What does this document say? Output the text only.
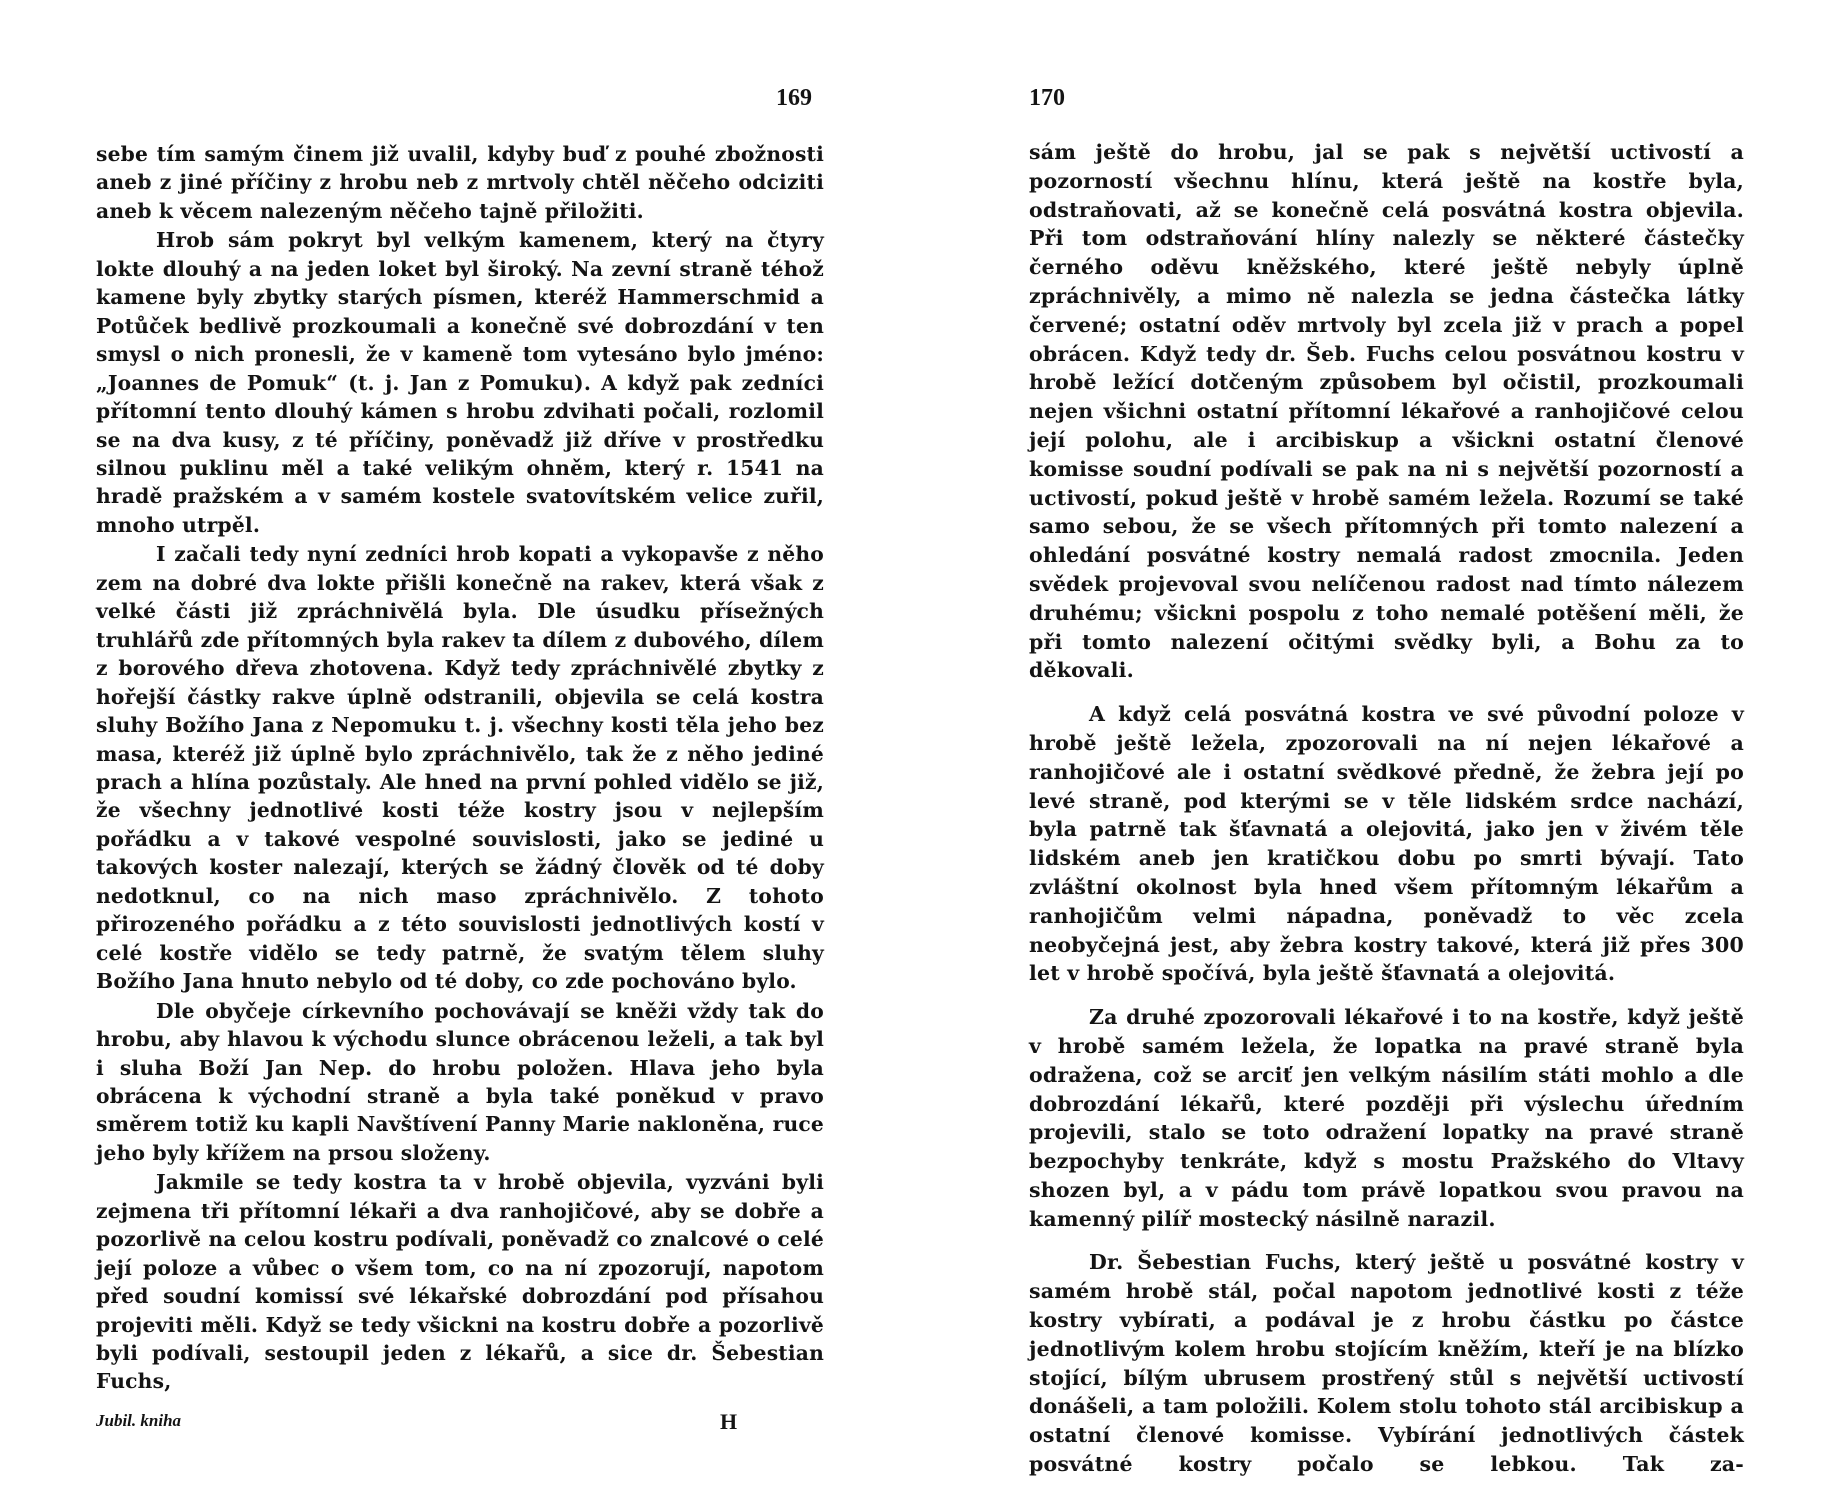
169

sebe tím samým činem již uvalil, kdyby buď z pouhé zbožnosti aneb z jiné příčiny z hrobu neb z mrtvoly chtěl něčeho odciziti aneb k věcem nalezeným něčeho tajně přiložiti.

Hrob sám pokryt byl velkým kamenem, který na čtyry lokte dlouhý a na jeden loket byl široký. Na zevní straně téhož kamene byly zbytky starých písmen, kteréž Hammerschmid a Potůček bedlivě prozkoumali a konečně své dobrozdání v ten smysl o nich pronesli, že v kameně tom vytesáno bylo jméno: „Joannes de Pomuk“ (t. j. Jan z Pomuku). A když pak zedníci přítomní tento dlouhý kámen s hrobu zdvihati počali, rozlomil se na dva kusy, z té příčiny, poněvadž již dříve v prostředku silnou puklinu měl a také velikým ohněm, který r. 1541 na hradě pražském a v samém kostele svatovítském velice zuřil, mnoho utrpěl.

I začali tedy nyní zedníci hrob kopati a vykopavše z něho zem na dobré dva lokte přišli konečně na rakev, která však z velké části již zpráchnivělá byla. Dle úsudku přísežných truhlářů zde přítomných byla rakev ta dílem z dubového, dílem z borového dřeva zhotovena. Když tedy zpráchnivělé zbytky z hořejší částky rakve úplně odstranili, objevila se celá kostra sluhy Božího Jana z Nepomuku t. j. všechny kosti těla jeho bez masa, kteréž již úplně bylo zpráchnivělo, tak že z něho jediné prach a hlína pozůstaly. Ale hned na první pohled vidělo se již, že všechny jednotlivé kosti téže kostry jsou v nejlepším pořádku a v takové vespolné souvislosti, jako se jediné u takových koster nalezají, kterých se žádný člověk od té doby nedotknul, co na nich maso zpráchnivělo. Z tohoto přirozeného pořádku a z této souvislosti jednotlivých kostí v celé kostře vidělo se tedy patrně, že svatým tělem sluhy Božího Jana hnuto nebylo od té doby, co zde pochováno bylo.

Dle obyčeje církevního pochovávají se kněži vždy tak do hrobu, aby hlavou k východu slunce obrácenou leželi, a tak byl i sluha Boží Jan Nep. do hrobu položen. Hlava jeho byla obrácena k východní straně a byla také poněkud v pravo směrem totiž ku kapli Navštívení Panny Marie nakloněna, ruce jeho byly křížem na prsou složeny.

Jakmile se tedy kostra ta v hrobě objevila, vyzváni byli zejmena tři přítomní lékaři a dva ranhojičové, aby se dobře a pozorlivě na celou kostru podívali, poněvadž co znalcové o celé její poloze a vůbec o všem tom, co na ní zpozorují, napotom před soudní komissí své lékařské dobrozdání pod přísahou projeviti měli. Když se tedy všickni na kostru dobře a pozorlivě byli podívali, sestoupil jeden z lékařů, a sice dr. Šebestian Fuchs,

Jubil. kniha	H
170

sám ještě do hrobu, jal se pak s největší uctivostí a pozorností všechnu hlínu, která ještě na kostře byla, odstraňovati, až se konečně celá posvátná kostra objevila. Při tom odstraňování hlíny nalezly se některé částečky černého oděvu kněžského, které ještě nebyly úplně zpráchnivěly, a mimo ně nalezla se jedna částečka látky červené; ostatní oděv mrtvoly byl zcela již v prach a popel obrácen. Když tedy dr. Šeb. Fuchs celou posvátnou kostru v hrobě ležící dotčeným způsobem byl očistil, prozkoumali nejen všichni ostatní přítomní lékařové a ranhojičové celou její polohu, ale i arcibiskup a všickni ostatní členové komisse soudní podívali se pak na ni s největší pozorností a uctivostí, pokud ještě v hrobě samém ležela. Rozumí se také samo sebou, že se všech přítomných při tomto nalezení a ohledání posvátné kostry nemalá radost zmocnila. Jeden svědek projevoval svou nelíčenou radost nad tímto nálezem druhému; všickni pospolu z toho nemalé potěšení měli, že při tomto nalezení očitými svědky byli, a Bohu za to děkovali.

A když celá posvátná kostra ve své původní poloze v hrobě ještě ležela, zpozorovali na ní nejen lékařové a ranhojičové ale i ostatní svědkové předně, že žebra její po levé straně, pod kterými se v těle lidském srdce nachází, byla patrně tak šťavnatá a olejovitá, jako jen v živém těle lidském aneb jen kratičkou dobu po smrti bývají. Tato zvláštní okolnost byla hned všem přítomným lékařům a ranhojičům velmi nápadna, poněvadž to věc zcela neobyčejná jest, aby žebra kostry takové, která již přes 300 let v hrobě spočívá, byla ještě šťavnatá a olejovitá.

Za druhé zpozorovali lékařové i to na kostře, když ještě v hrobě samém ležela, že lopatka na pravé straně byla odražena, což se arciť jen velkým násilím státi mohlo a dle dobrozdání lékařů, které později při výslechu úředním projevili, stalo se toto odražení lopatky na pravé straně bezpochyby tenkráte, když s mostu Pražského do Vltavy shozen byl, a v pádu tom právě lopatkou svou pravou na kamenný pilíř mostecký násilně narazil.

Dr. Šebestian Fuchs, který ještě u posvátné kostry v samém hrobě stál, počal napotom jednotlivé kosti z téže kostry vybírati, a podával je z hrobu částku po částce jednotlivým kolem hrobu stojícím kněžím, kteří je na blízko stojící, bílým ubrusem prostřený stůl s největší uctivostí donášeli, a tam položili. Kolem stolu tohoto stál arcibiskup a ostatní členové komisse. Vybírání jednotlivých částek posvátné kostry počalo se lebkou. Tak za-
